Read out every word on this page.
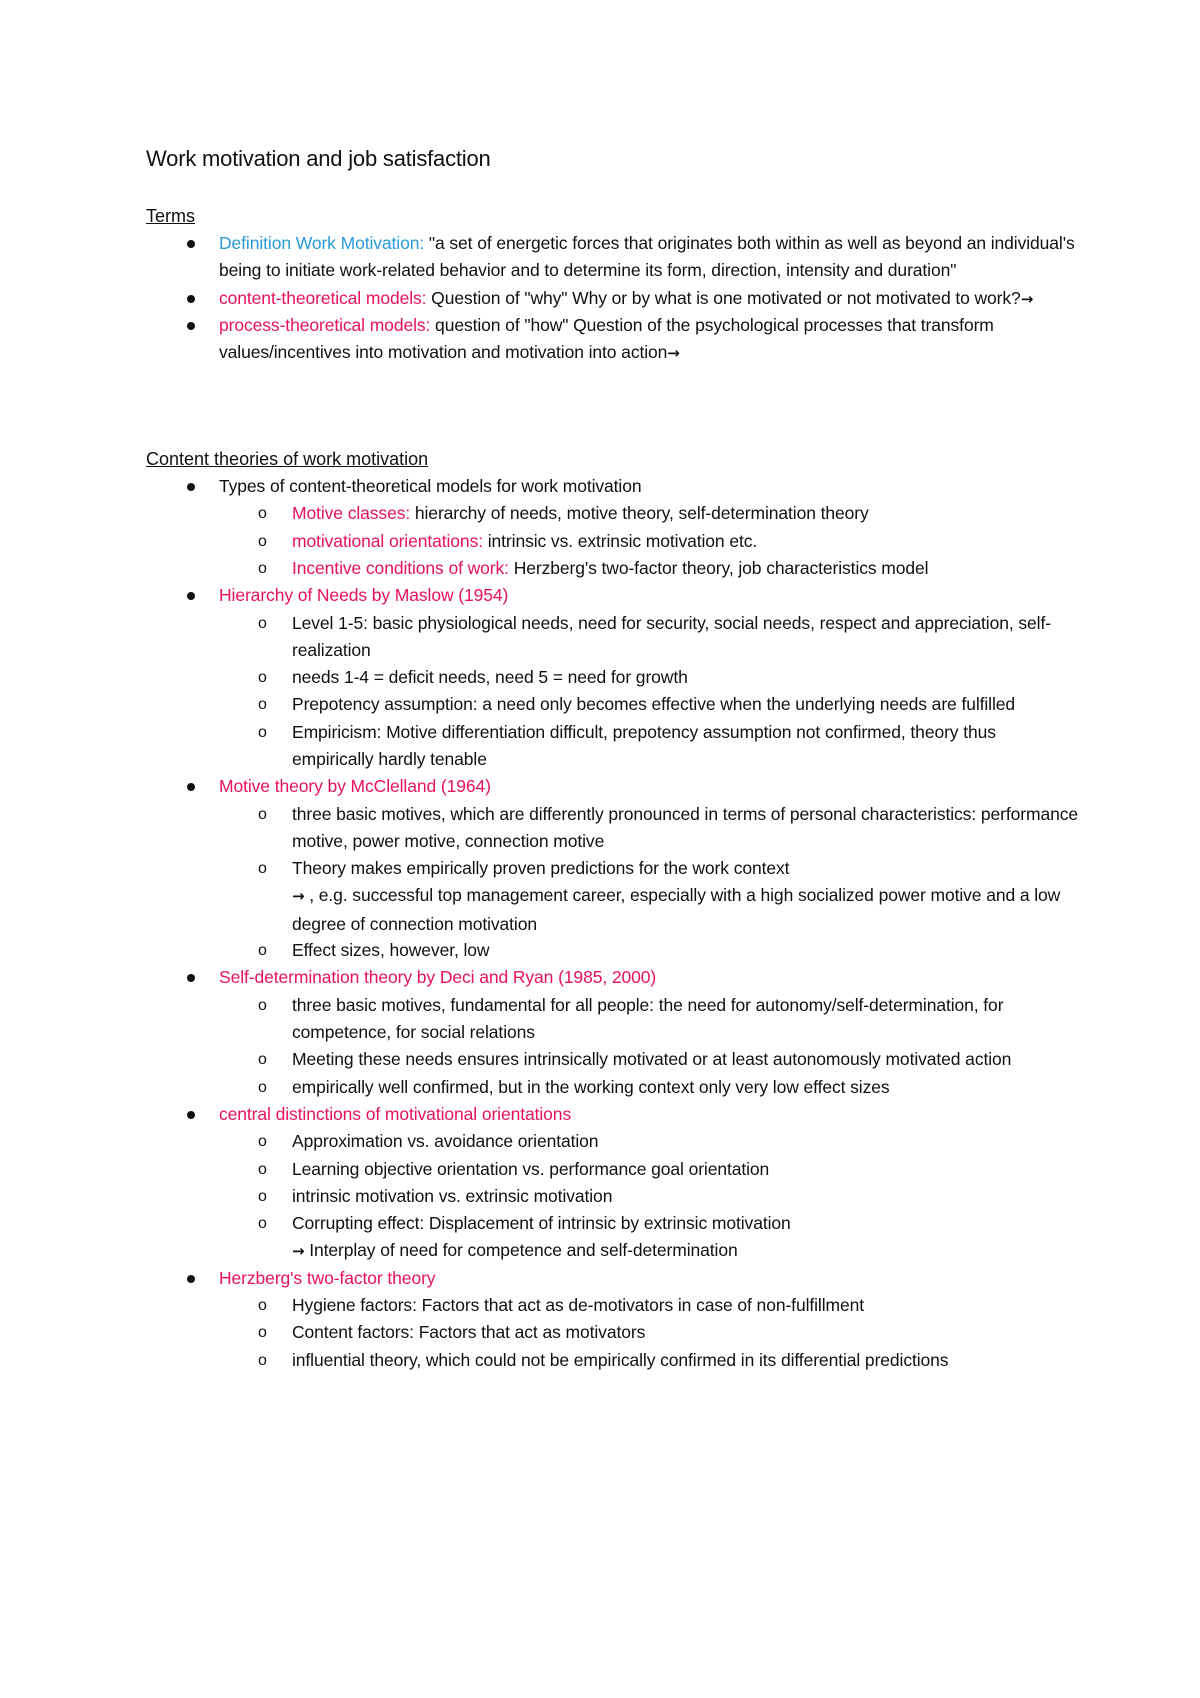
Work motivation and job satisfaction
Terms
Content theories of work motivation
Definition Work Motivation: "a set of energetic forces that originates both within as well as beyond an individual's being to initiate work-related behavior and to determine its form, direction, intensity and duration"
content-theoretical models: Question of "why" Why or by what is one motivated or not motivated to work?→
process-theoretical models: question of "how" Question of the psychological processes that transform values/incentives into motivation and motivation into action→
Types of content-theoretical models for work motivation
o Motive classes: hierarchy of needs, motive theory, self-determination theory
o motivational orientations: intrinsic vs. extrinsic motivation etc.
o Incentive conditions of work: Herzberg's two-factor theory, job characteristics model
Hierarchy of Needs by Maslow (1954)
o Level 1-5: basic physiological needs, need for security, social needs, respect and appreciation, self-realization
o needs 1-4 = deficit needs, need 5 = need for growth
o Prepotency assumption: a need only becomes effective when the underlying needs are fulfilled
o Empiricism: Motive differentiation difficult, prepotency assumption not confirmed, theory thus empirically hardly tenable
Motive theory by McClelland (1964)
o three basic motives, which are differently pronounced in terms of personal characteristics: performance motive, power motive, connection motive
o Theory makes empirically proven predictions for the work context
→ , e.g. successful top management career, especially with a high socialized power motive and a low degree of connection motivation
o Effect sizes, however, low
Self-determination theory by Deci and Ryan (1985, 2000)
o three basic motives, fundamental for all people: the need for autonomy/self-determination, for competence, for social relations
o Meeting these needs ensures intrinsically motivated or at least autonomously motivated action
o empirically well confirmed, but in the working context only very low effect sizes
central distinctions of motivational orientations
o Approximation vs. avoidance orientation
o Learning objective orientation vs. performance goal orientation
o intrinsic motivation vs. extrinsic motivation
o Corrupting effect: Displacement of intrinsic by extrinsic motivation
→ Interplay of need for competence and self-determination
Herzberg's two-factor theory
o Hygiene factors: Factors that act as de-motivators in case of non-fulfillment
o Content factors: Factors that act as motivators
o influential theory, which could not be empirically confirmed in its differential predictions
